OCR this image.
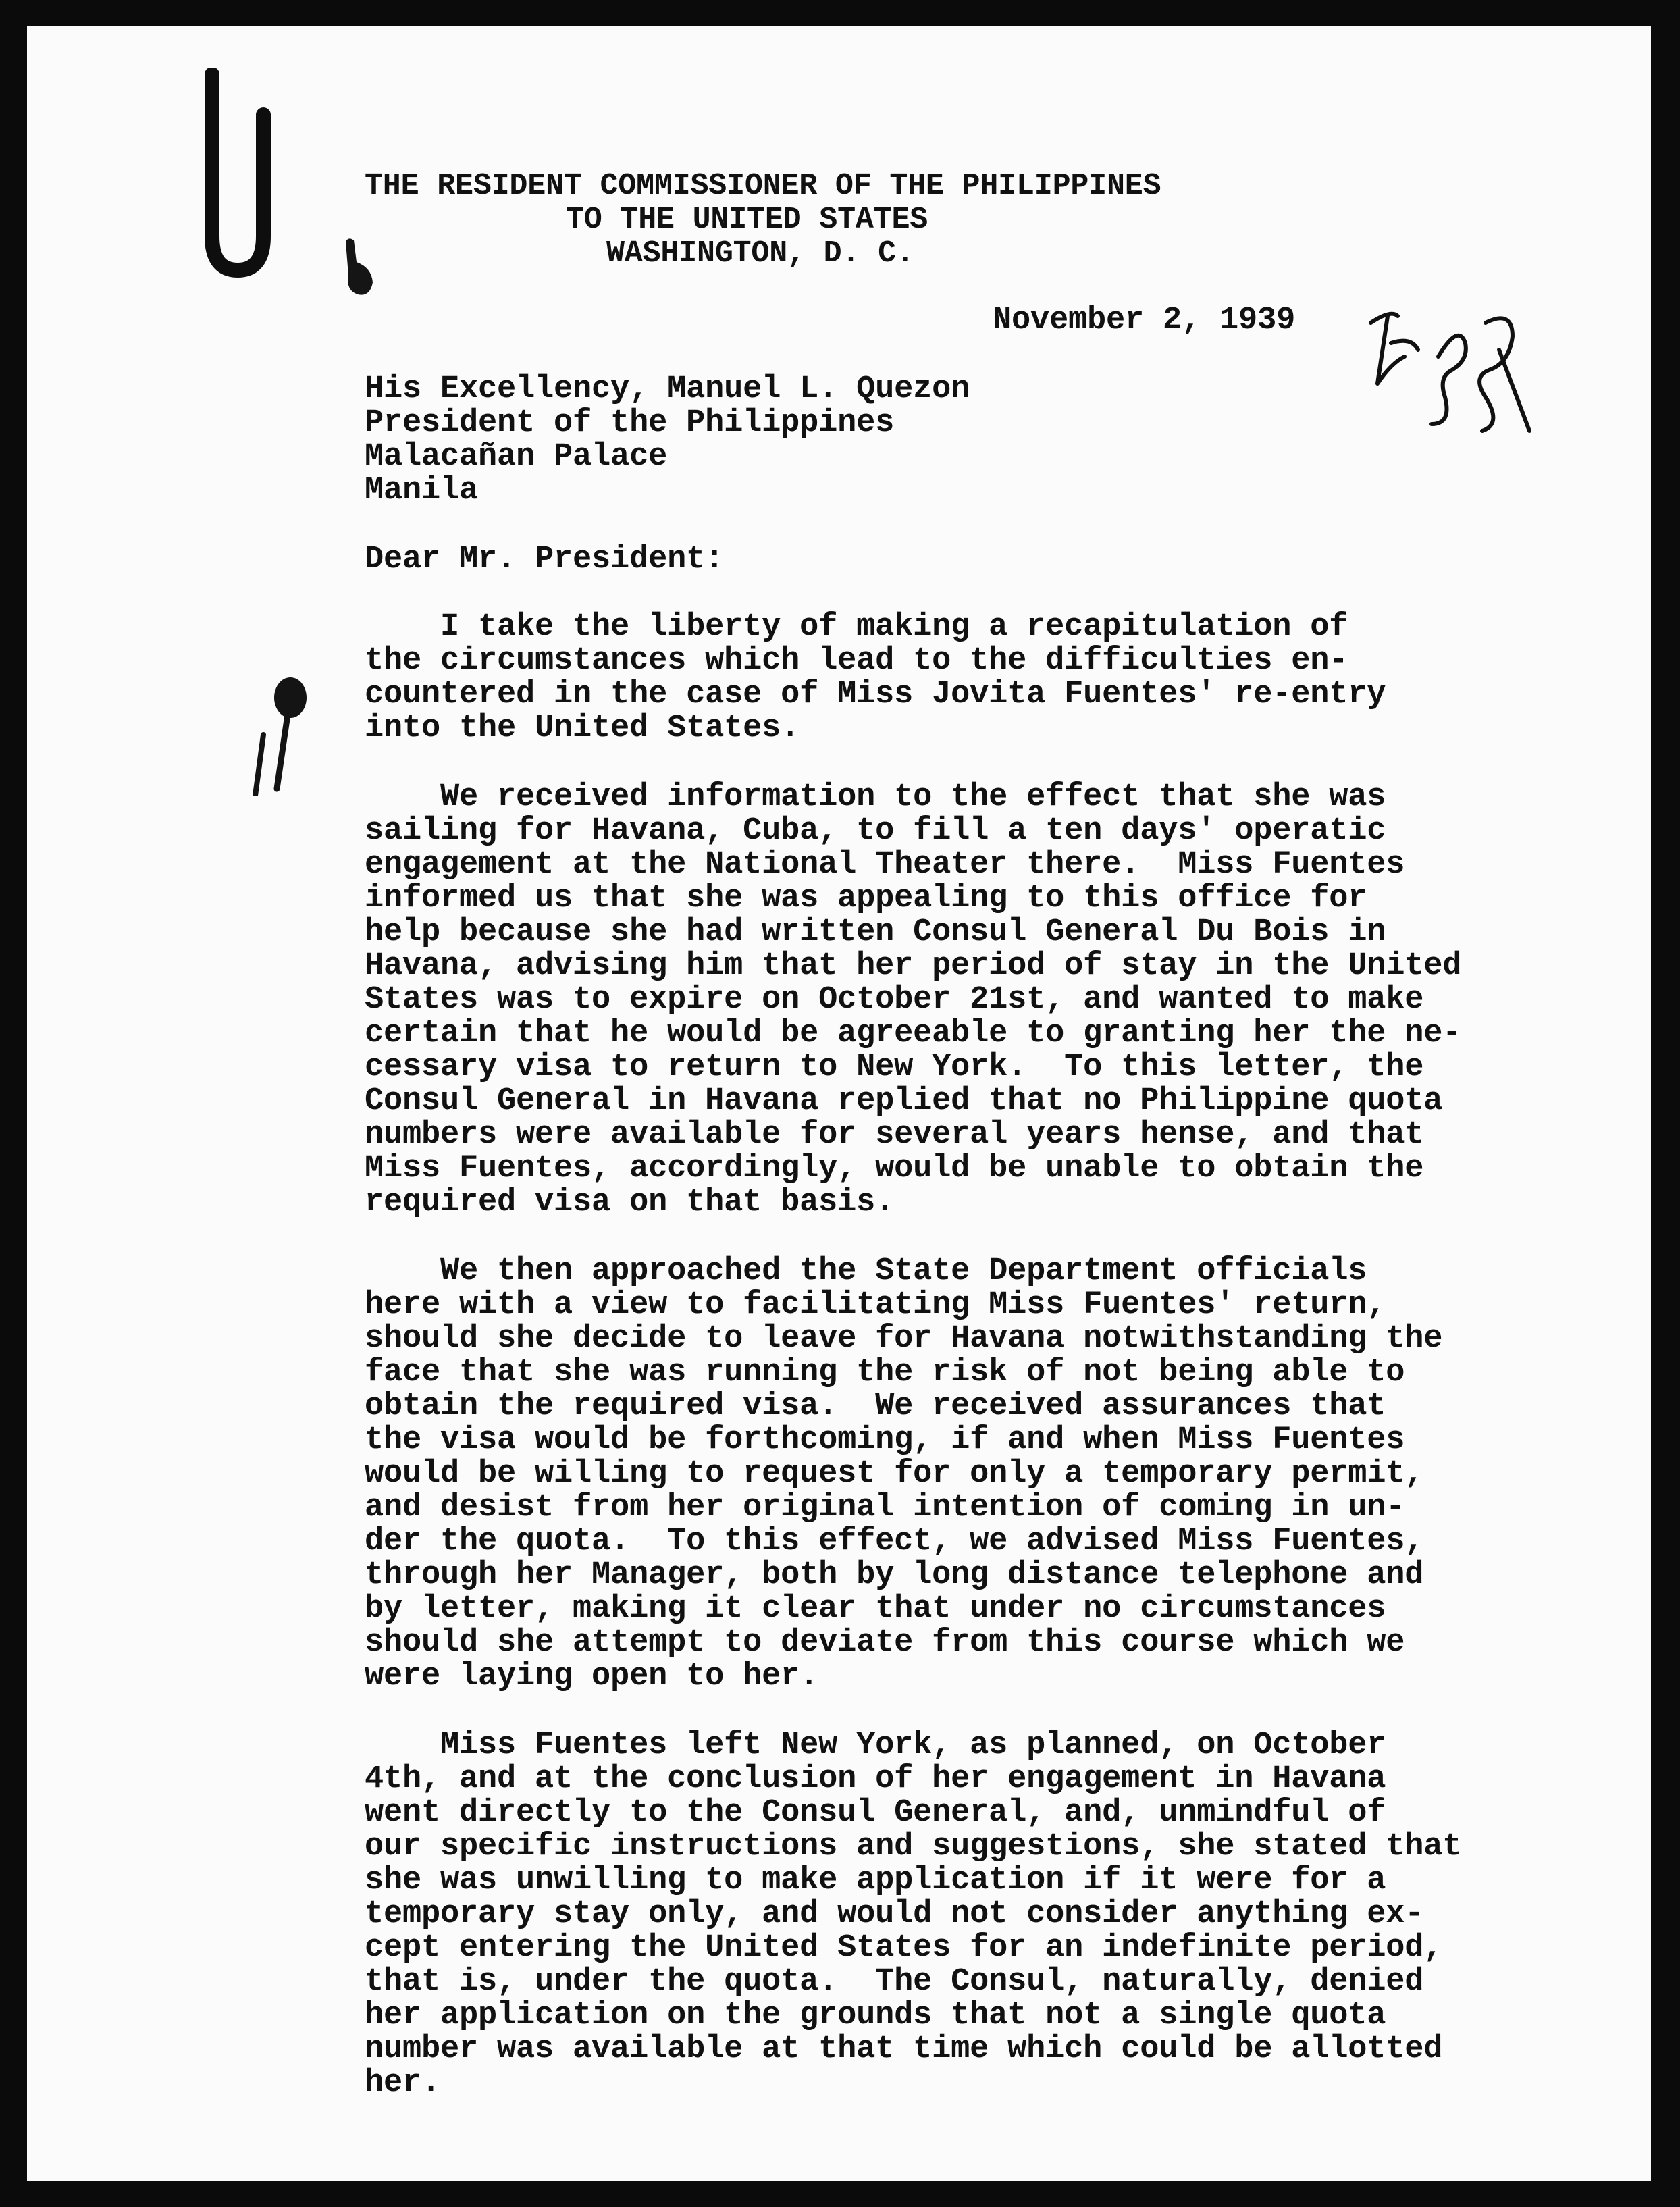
THE RESIDENT COMMISSIONER OF THE PHILIPPINES

TO THE UNITED STATES

WASHINGTON, D. C.

November 2, 1939

His Excellency, Manuel L. Quezon

President of the Philippines

Malacañan Palace

Manila

Dear Mr. President:

I take the liberty of making a recapitulation of

the circumstances which lead to the difficulties en-

countered in the case of Miss Jovita Fuentes' re-entry

into the United States.

We received information to the effect that she was

sailing for Havana, Cuba, to fill a ten days' operatic

engagement at the National Theater there.  Miss Fuentes

informed us that she was appealing to this office for

help because she had written Consul General Du Bois in

Havana, advising him that her period of stay in the United

States was to expire on October 21st, and wanted to make

certain that he would be agreeable to granting her the ne-

cessary visa to return to New York.  To this letter, the

Consul General in Havana replied that no Philippine quota

numbers were available for several years hense, and that

Miss Fuentes, accordingly, would be unable to obtain the

required visa on that basis.

We then approached the State Department officials

here with a view to facilitating Miss Fuentes' return,

should she decide to leave for Havana notwithstanding the

face that she was running the risk of not being able to

obtain the required visa.  We received assurances that

the visa would be forthcoming, if and when Miss Fuentes

would be willing to request for only a temporary permit,

and desist from her original intention of coming in un-

der the quota.  To this effect, we advised Miss Fuentes,

through her Manager, both by long distance telephone and

by letter, making it clear that under no circumstances

should she attempt to deviate from this course which we

were laying open to her.

Miss Fuentes left New York, as planned, on October

4th, and at the conclusion of her engagement in Havana

went directly to the Consul General, and, unmindful of

our specific instructions and suggestions, she stated that

she was unwilling to make application if it were for a

temporary stay only, and would not consider anything ex-

cept entering the United States for an indefinite period,

that is, under the quota.  The Consul, naturally, denied

her application on the grounds that not a single quota

number was available at that time which could be allotted

her.
